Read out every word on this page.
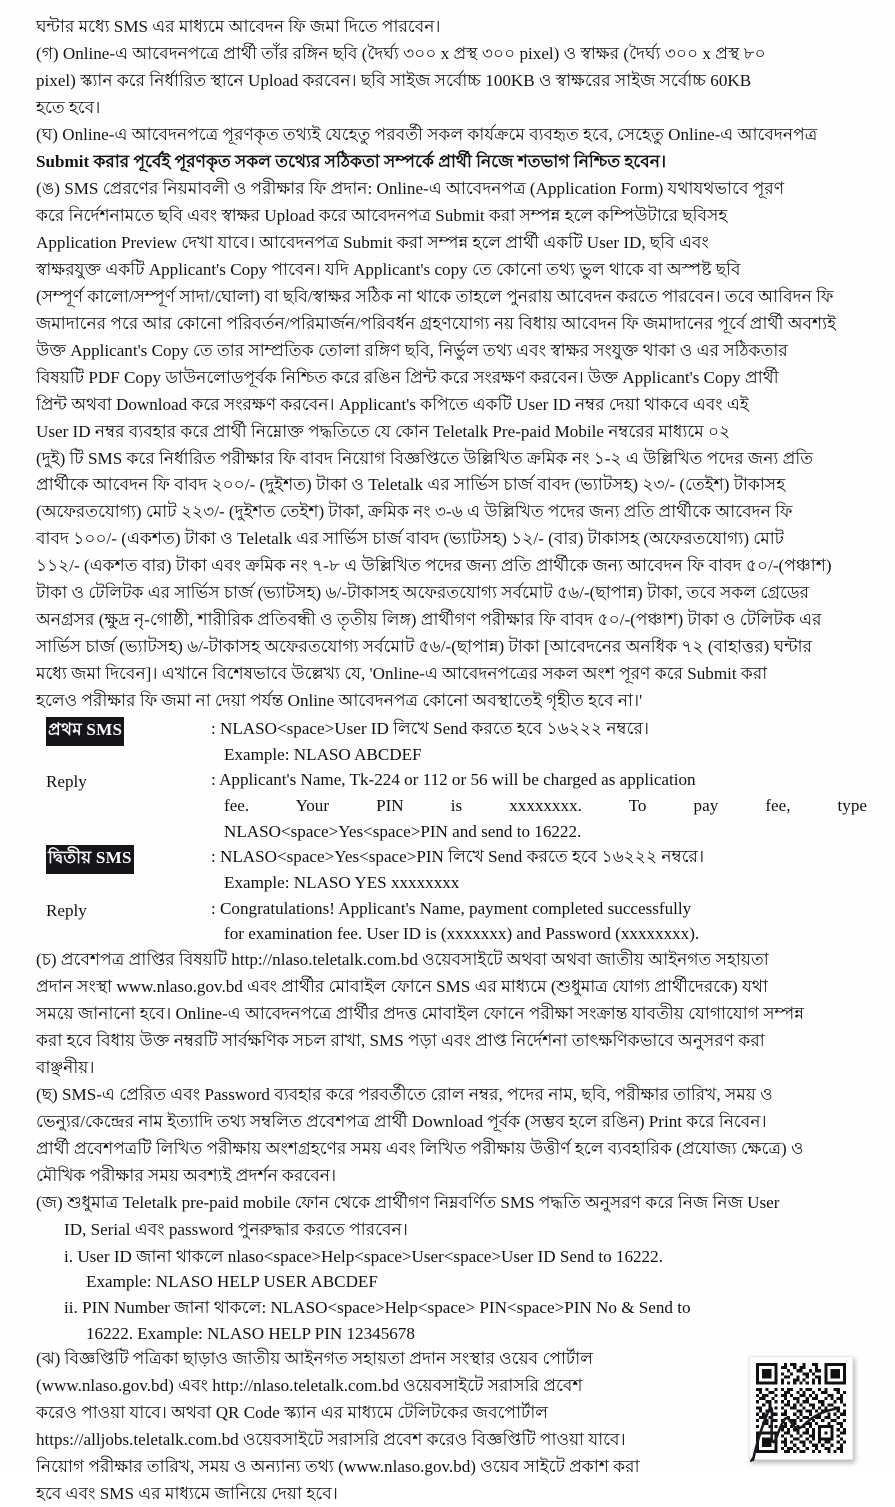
ঘন্টার মধ্যে SMS এর মাধ্যমে আবেদন ফি জমা দিতে পারবেন।
(গ) Online-এ আবেদনপত্রে প্রার্থী তাঁর রঙ্গিন ছবি (দৈর্ঘ্য ৩০০ x প্রস্থ ৩০০ pixel) ও স্বাক্ষর (দৈর্ঘ্য ৩০০ x প্রস্থ ৮০
pixel) স্ক্যান করে নির্ধারিত স্থানে Upload করবেন। ছবি সাইজ সর্বোচ্চ 100KB ও স্বাক্ষরের সাইজ সর্বোচ্চ 60KB
হতে হবে।
(ঘ) Online-এ আবেদনপত্রে পূরণকৃত তথ্যই যেহেতু পরবর্তী সকল কার্যক্রমে ব্যবহৃত হবে, সেহেতু Online-এ আবেদনপত্র
Submit করার পূর্বেই পূরণকৃত সকল তথ্যের সঠিকতা সম্পর্কে প্রার্থী নিজে শতভাগ নিশ্চিত হবেন।
(ঙ) SMS প্রেরণের নিয়মাবলী ও পরীক্ষার ফি প্রদান: Online-এ আবেদনপত্র (Application Form) যথাযথভাবে পূরণ
করে নির্দেশনামতে ছবি এবং স্বাক্ষর Upload করে আবেদনপত্র Submit করা সম্পন্ন হলে কম্পিউটারে ছবিসহ
Application Preview দেখা যাবে। আবেদনপত্র Submit করা সম্পন্ন হলে প্রার্থী একটি User ID, ছবি এবং
স্বাক্ষরযুক্ত একটি Applicant's Copy পাবেন। যদি Applicant's copy তে কোনো তথ্য ভুল থাকে বা অস্পষ্ট ছবি
(সম্পূর্ণ কালো/সম্পূর্ণ সাদা/ঘোলা) বা ছবি/স্বাক্ষর সঠিক না থাকে তাহলে পুনরায় আবেদন করতে পারবেন। তবে আবিদন ফি
জমাদানের পরে আর কোনো পরিবর্তন/পরিমার্জন/পরিবর্ধন গ্রহণযোগ্য নয় বিধায় আবেদন ফি জমাদানের পূর্বে প্রার্থী অবশ্যই
উক্ত Applicant's Copy তে তার সাম্প্রতিক তোলা রঙ্গিণ ছবি, নির্ভুল তথ্য এবং স্বাক্ষর সংযুক্ত থাকা ও এর সঠিকতার
বিষয়টি PDF Copy ডাউনলোডপূর্বক নিশ্চিত করে রঙিন প্রিন্ট করে সংরক্ষণ করবেন। উক্ত Applicant's Copy প্রার্থী
প্রিন্ট অথবা Download করে সংরক্ষণ করবেন। Applicant's কপিতে একটি User ID নম্বর দেয়া থাকবে এবং এই
User ID নম্বর ব্যবহার করে প্রার্থী নিম্নোক্ত পদ্ধতিতে যে কোন Teletalk Pre-paid Mobile নম্বরের মাধ্যমে ০২
(দুই) টি SMS করে নির্ধারিত পরীক্ষার ফি বাবদ নিয়োগ বিজ্ঞপ্তিতে উল্লিখিত ক্রমিক নং ১-২ এ উল্লিখিত পদের জন্য প্রতি
প্রার্থীকে আবেদন ফি বাবদ ২০০/- (দুইশত) টাকা ও Teletalk এর সার্ভিস চার্জ বাবদ (ভ্যাটসহ) ২৩/- (তেইশ) টাকাসহ
(অফেরতযোগ্য) মোট ২২৩/- (দুইশত তেইশ) টাকা, ক্রমিক নং ৩-৬ এ উল্লিখিত পদের জন্য প্রতি প্রার্থীকে আবেদন ফি
বাবদ ১০০/- (একশত) টাকা ও Teletalk এর সার্ভিস চার্জ বাবদ (ভ্যাটসহ) ১২/- (বার) টাকাসহ (অফেরতযোগ্য) মোট
১১২/- (একশত বার) টাকা এবং ক্রমিক নং ৭-৮ এ উল্লিখিত পদের জন্য প্রতি প্রার্থীকে জন্য আবেদন ফি বাবদ ৫০/-(পঞ্চাশ)
টাকা ও টেলিটক এর সার্ভিস চার্জ (ভ্যাটসহ) ৬/-টাকাসহ অফেরতযোগ্য সর্বমোট ৫৬/-(ছাপান্ন) টাকা, তবে সকল গ্রেডের
অনগ্রসর (ক্ষুদ্র নৃ-গোষ্ঠী, শারীরিক প্রতিবন্ধী ও তৃতীয় লিঙ্গ) প্রার্থীগণ পরীক্ষার ফি বাবদ ৫০/-(পঞ্চাশ) টাকা ও টেলিটক এর
সার্ভিস চার্জ (ভ্যাটসহ) ৬/-টাকাসহ অফেরতযোগ্য সর্বমোট ৫৬/-(ছাপান্ন) টাকা [আবেদনের অনধিক ৭২ (বাহাত্তর) ঘন্টার
মধ্যে জমা দিবেন]। এখানে বিশেষভাবে উল্লেখ্য যে, 'Online-এ আবেদনপত্রের সকল অংশ পূরণ করে Submit করা
হলেও পরীক্ষার ফি জমা না দেয়া পর্যন্ত Online আবেদনপত্র কোনো অবস্থাতেই গৃহীত হবে না।'
প্রথম SMS	: NLASO<space>User ID লিখে Send করতে হবে ১৬২২২ নম্বরে।
Example: NLASO ABCDEF
Reply	: Applicant's Name, Tk-224 or 112 or 56 will be charged as application
fee. Your PIN is xxxxxxxx. To pay fee, type
NLASO<space>Yes<space>PIN and send to 16222.
দ্বিতীয় SMS	: NLASO<space>Yes<space>PIN লিখে Send করতে হবে ১৬২২২ নম্বরে।
Example: NLASO YES xxxxxxxx
Reply	: Congratulations! Applicant's Name, payment completed successfully
for examination fee. User ID is (xxxxxxx) and Password (xxxxxxxx).
(চ) প্রবেশপত্র প্রাপ্তির বিষয়টি http://nlaso.teletalk.com.bd ওয়েবসাইটে অথবা অথবা জাতীয় আইনগত সহায়তা
প্রদান সংস্থা www.nlaso.gov.bd এবং প্রার্থীর মোবাইল ফোনে SMS এর মাধ্যমে (শুধুমাত্র যোগ্য প্রার্থীদেরকে) যথা
সময়ে জানানো হবে। Online-এ আবেদনপত্রে প্রার্থীর প্রদত্ত মোবাইল ফোনে পরীক্ষা সংক্রান্ত যাবতীয় যোগাযোগ সম্পন্ন
করা হবে বিধায় উক্ত নম্বরটি সার্বক্ষণিক সচল রাখা, SMS পড়া এবং প্রাপ্ত নির্দেশনা তাৎক্ষণিকভাবে অনুসরণ করা
বাঞ্ছনীয়।
(ছ) SMS-এ প্রেরিত এবং Password ব্যবহার করে পরবর্তীতে রোল নম্বর, পদের নাম, ছবি, পরীক্ষার তারিখ, সময় ও
ভেন্যুর/কেন্দ্রের নাম ইত্যাদি তথ্য সম্বলিত প্রবেশপত্র প্রার্থী Download পূর্বক (সম্ভব হলে রঙিন) Print করে নিবেন।
প্রার্থী প্রবেশপত্রটি লিখিত পরীক্ষায় অংশগ্রহণের সময় এবং লিখিত পরীক্ষায় উত্তীর্ণ হলে ব্যবহারিক (প্রযোজ্য ক্ষেত্রে) ও
মৌখিক পরীক্ষার সময় অবশ্যই প্রদর্শন করবেন।
(জ) শুধুমাত্র Teletalk pre-paid mobile ফোন থেকে প্রার্থীগণ নিম্নবর্ণিত SMS পদ্ধতি অনুসরণ করে নিজ নিজ User
ID, Serial এবং password পুনরুদ্ধার করতে পারবেন।
i. User ID জানা থাকলে nlaso<space>Help<space>User<space>User ID Send to 16222.
Example: NLASO HELP USER ABCDEF
ii. PIN Number জানা থাকলে: NLASO<space>Help<space> PIN<space>PIN No & Send to
16222. Example: NLASO HELP PIN 12345678
(ঝ) বিজ্ঞপ্তিটি পত্রিকা ছাড়াও জাতীয় আইনগত সহায়তা প্রদান সংস্থার ওয়েব পোর্টাল
(www.nlaso.gov.bd) এবং http://nlaso.teletalk.com.bd ওয়েবসাইটে সরাসরি প্রবেশ
করেও পাওয়া যাবে। অথবা QR Code স্ক্যান এর মাধ্যমে টেলিটকের জবপোর্টাল
https://alljobs.teletalk.com.bd ওয়েবসাইটে সরাসরি প্রবেশ করেও বিজ্ঞপ্তিটি পাওয়া যাবে।
নিয়োগ পরীক্ষার তারিখ, সময় ও অন্যান্য তথ্য (www.nlaso.gov.bd) ওয়েব সাইটে প্রকাশ করা
হবে এবং SMS এর মাধ্যমে জানিয়ে দেয়া হবে।
